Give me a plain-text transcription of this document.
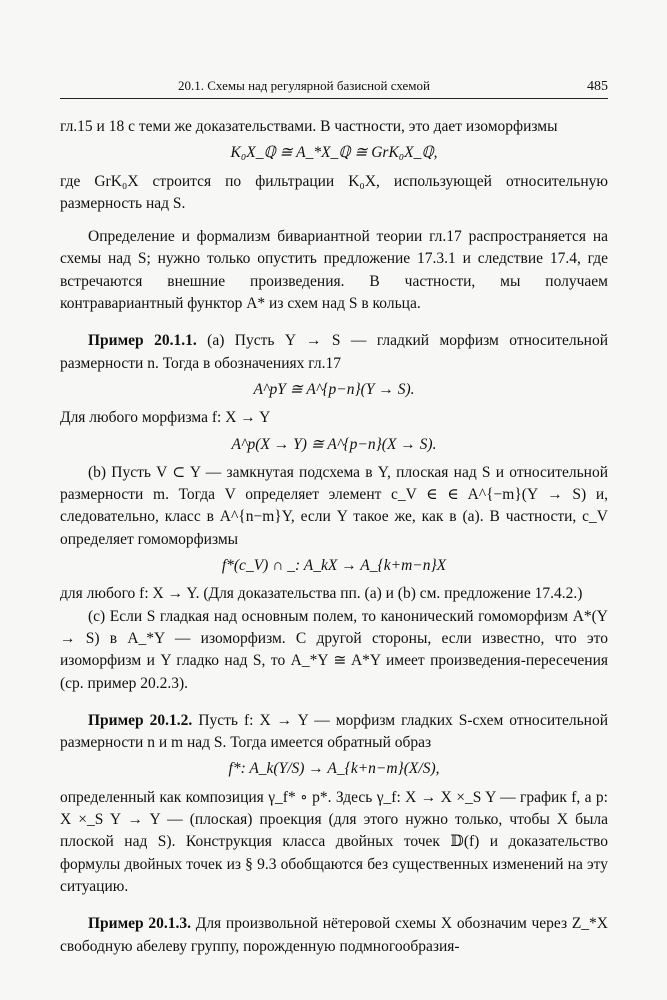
20.1. Схемы над регулярной базисной схемой	485

гл.15 и 18 с теми же доказательствами. В частности, это дает изоморфизмы

K₀X_ℚ ≅ A_*X_ℚ ≅ GrK₀X_ℚ,

где GrK₀X строится по фильтрации K₀X, использующей относительную размерность над S.

Определение и формализм бивариантной теории гл.17 распространяется на схемы над S; нужно только опустить предложение 17.3.1 и следствие 17.4, где встречаются внешние произведения. В частности, мы получаем контравариантный функтор A* из схем над S в кольца.

Пример 20.1.1. (а) Пусть Y → S — гладкий морфизм относительной размерности n. Тогда в обозначениях гл.17

A^pY ≅ A^{p−n}(Y → S).

Для любого морфизма f: X → Y

A^p(X → Y) ≅ A^{p−n}(X → S).

(b) Пусть V ⊂ Y — замкнутая подсхема в Y, плоская над S и относительной размерности m. Тогда V определяет элемент c_V ∈ ∈ A^{−m}(Y → S) и, следовательно, класс в A^{n−m}Y, если Y такое же, как в (а). В частности, c_V определяет гомоморфизмы

f*(c_V) ∩ _: A_kX → A_{k+m−n}X

для любого f: X → Y. (Для доказательства пп. (а) и (b) см. предложение 17.4.2.)

(с) Если S гладкая над основным полем, то канонический гомоморфизм A*(Y → S) в A_*Y — изоморфизм. С другой стороны, если известно, что это изоморфизм и Y гладко над S, то A_*Y ≅ A*Y имеет произведения-пересечения (ср. пример 20.2.3).

Пример 20.1.2. Пусть f: X → Y — морфизм гладких S-схем относительной размерности n и m над S. Тогда имеется обратный образ

f*: A_k(Y/S) → A_{k+n−m}(X/S),

определенный как композиция γ_f* ∘ p*. Здесь γ_f: X → X ×_S Y — график f, а p: X ×_S Y → Y — (плоская) проекция (для этого нужно только, чтобы X была плоской над S). Конструкция класса двойных точек 𝔻(f) и доказательство формулы двойных точек из § 9.3 обобщаются без существенных изменений на эту ситуацию.

Пример 20.1.3. Для произвольной нётеровой схемы X обозначим через Z_*X свободную абелеву группу, порожденную подмногообразия-
